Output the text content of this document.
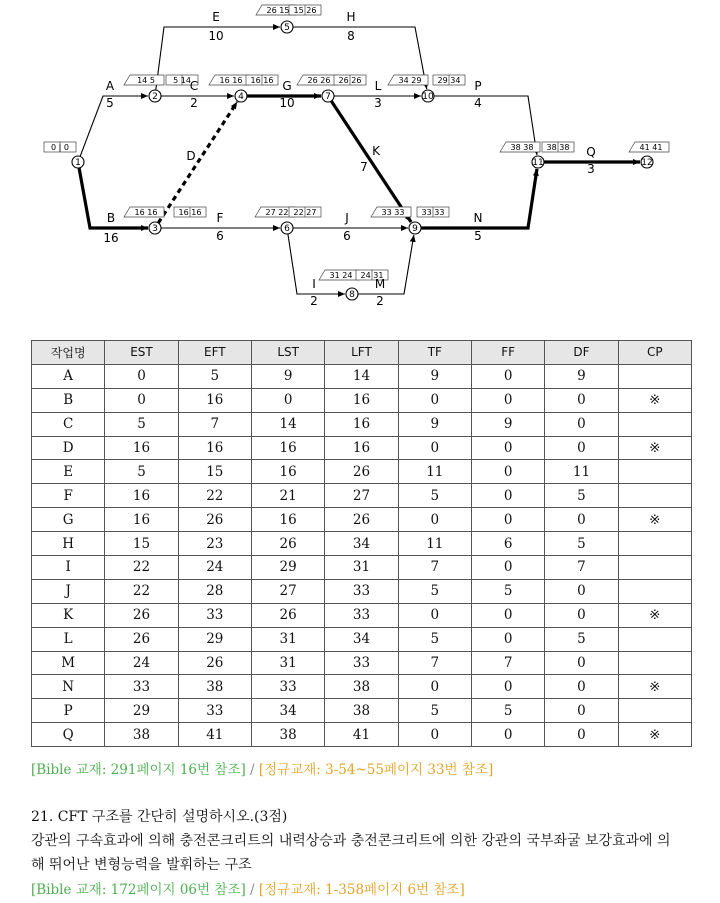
0 | 0
14 5 5 14
16 16	16 16
16 16 16 16
26 15 15 26
27 22 22 27
26 26 26 26
31 24 24 31
33 33 33 33
34 29 29 34
38 38 38 38	41 41
1
2
3
4
5
6
7
8
9
10
11	12
A
5
B
16
C
2
D
E
10
F
6
G
10
H
8
I
2
J
6
K
7
L
3
M
2
N
5
P
4
Q
3
작업명	EST	EFT	LST	LFT	TF	FF	DF	CP
A	0	5	9	14	9	0	9	
B	0	16	0	16	0	0	0	※
C	5	7	14	16	9	9	0	
D	16	16	16	16	0	0	0	※
E	5	15	16	26	11	0	11	
F	16	22	21	27	5	0	5	
G	16	26	16	26	0	0	0	※
H	15	23	26	34	11	6	5	
I	22	24	29	31	7	0	7	
J	22	28	27	33	5	5	0	
K	26	33	26	33	0	0	0	※
L	26	29	31	34	5	0	5	
M	24	26	31	33	7	7	0	
N	33	38	33	38	0	0	0	※
P	29	33	34	38	5	5	0	
Q	38	41	38	41	0	0	0	※
[Bible 교재: 291페이지 16번 참조] / [정규교재: 3-54~55페이지 33번 참조]
21. CFT 구조를 간단히 설명하시오.(3점)
강관의 구속효과에 의해 충전콘크리트의 내력상승과 충전콘크리트에 의한 강관의 국부좌굴 보강효과에 의
해 뛰어난 변형능력을 발휘하는 구조
[Bible 교재: 172페이지 06번 참조] / [정규교재: 1-358페이지 6번 참조]
